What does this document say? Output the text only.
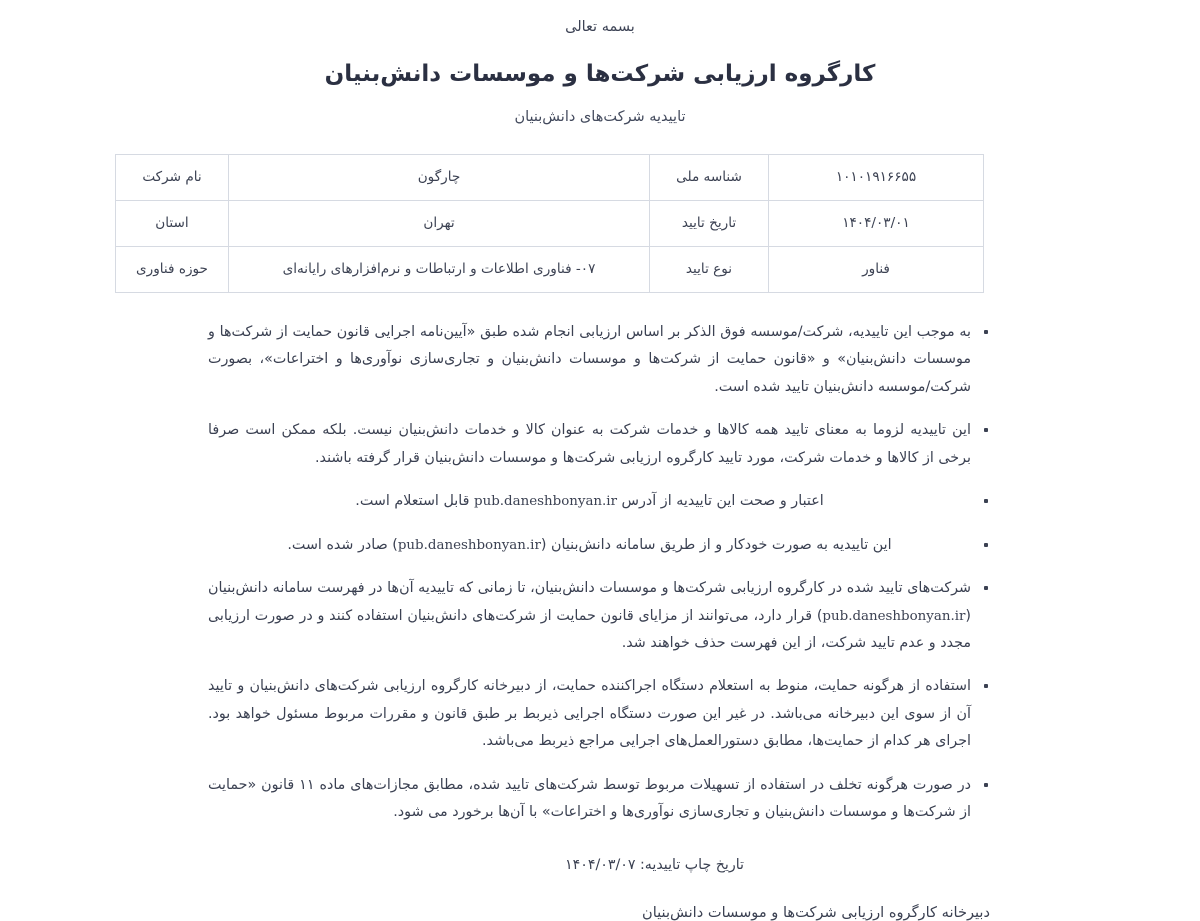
بسمه تعالی
کارگروه ارزیابی شرکت‌ها و موسسات دانش‌بنیان
تاییدیه شرکت‌های دانش‌بنیان
۱۰۱۰۱۹۱۶۶۵۵	شناسه ملی	چارگون	نام شرکت
۱۴۰۴/۰۳/۰۱	تاریخ تایید	تهران	استان
فناور	نوع تایید	۰۷- فناوری اطلاعات و ارتباطات و نرم‌افزارهای رایانه‌ای	حوزه فناوری
به موجب این تاییدیه، شرکت/موسسه فوق الذکر بر اساس ارزیابی انجام شده طبق «آیین‌نامه اجرایی قانون حمایت از شرکت‌ها و موسسات دانش‌بنیان» و «قانون حمایت از شرکت‌ها و موسسات دانش‌بنیان و تجاری‌سازی نوآوری‌ها و اختراعات»، بصورت شرکت/موسسه دانش‌بنیان تایید شده است.
این تاییدیه لزوما به معنای تایید همه کالاها و خدمات شرکت به عنوان کالا و خدمات دانش‌بنیان نیست. بلکه ممکن است صرفا برخی از کالاها و خدمات شرکت، مورد تایید کارگروه ارزیابی شرکت‌ها و موسسات دانش‌بنیان قرار گرفته باشند.
اعتبار و صحت این تاییدیه از آدرس pub.daneshbonyan.ir قابل استعلام است.
این تاییدیه به صورت خودکار و از طریق سامانه دانش‌بنیان (pub.daneshbonyan.ir) صادر شده است.
شرکت‌های تایید شده در کارگروه ارزیابی شرکت‌ها و موسسات دانش‌بنیان، تا زمانی که تاییدیه آن‌ها در فهرست سامانه دانش‌بنیان (pub.daneshbonyan.ir) قرار دارد، می‌توانند از مزایای قانون حمایت از شرکت‌های دانش‌بنیان استفاده کنند و در صورت ارزیابی مجدد و عدم تایید شرکت، از این فهرست حذف خواهند شد.
استفاده از هرگونه حمایت، منوط به استعلام دستگاه اجراکننده حمایت، از دبیرخانه کارگروه ارزیابی شرکت‌های دانش‌بنیان و تایید آن از سوی این دبیرخانه می‌باشد. در غیر این صورت دستگاه اجرایی ذیربط بر طبق قانون و مقررات مربوط مسئول خواهد بود. اجرای هر کدام از حمایت‌ها، مطابق دستورالعمل‌های اجرایی مراجع ذیربط می‌باشد.
در صورت هرگونه تخلف در استفاده از تسهیلات مربوط توسط شرکت‌های تایید شده، مطابق مجازات‌های ماده ۱۱ قانون «حمایت از شرکت‌ها و موسسات دانش‌بنیان و تجاری‌سازی نوآوری‌ها و اختراعات» با آن‌ها برخورد می شود.
تاریخ چاپ تاییدیه: ۱۴۰۴/۰۳/۰۷
دبیرخانه کارگروه ارزیابی شرکت‌ها و موسسات دانش‌بنیان
